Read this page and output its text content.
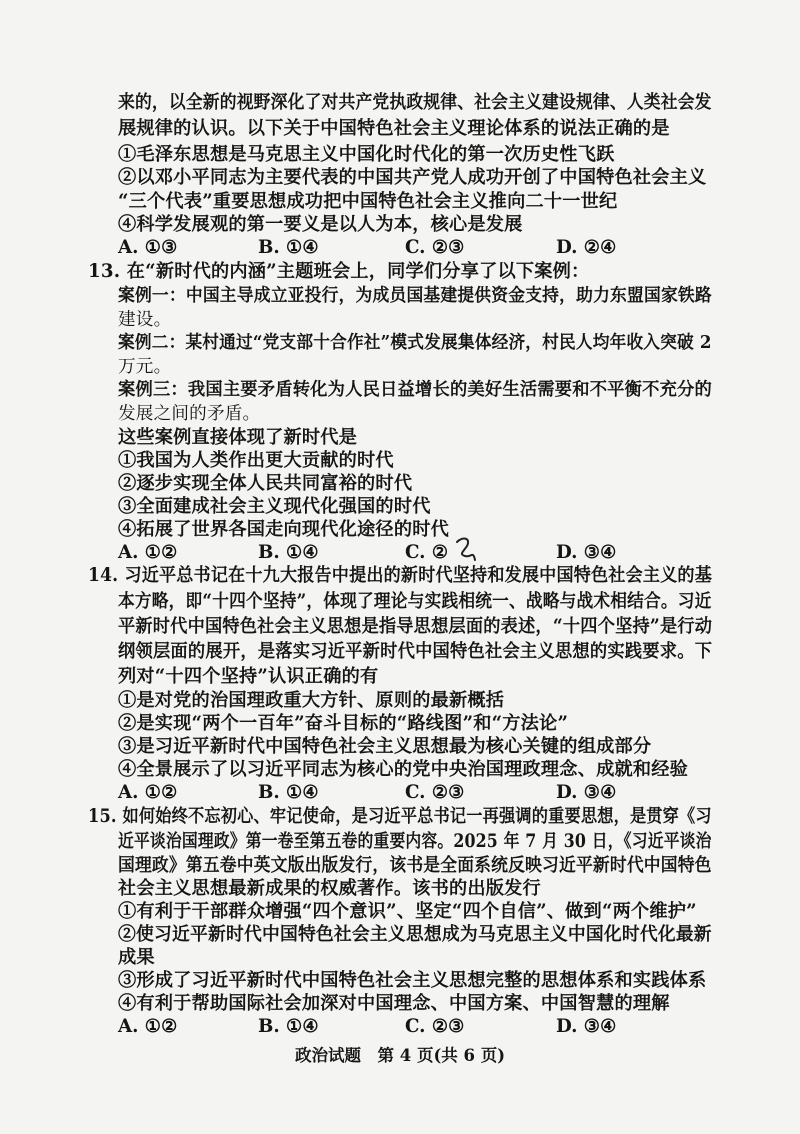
来的，以全新的视野深化了对共产党执政规律、社会主义建设规律、人类社会发
展规律的认识。以下关于中国特色社会主义理论体系的说法正确的是
①毛泽东思想是马克思主义中国化时代化的第一次历史性飞跃
②以邓小平同志为主要代表的中国共产党人成功开创了中国特色社会主义
“三个代表”重要思想成功把中国特色社会主义推向二十一世纪
④科学发展观的第一要义是以人为本，核心是发展
A. ①③	B. ①④	C. ②③	D. ②④
13. 在“新时代的内涵”主题班会上，同学们分享了以下案例：
案例一：中国主导成立亚投行，为成员国基建提供资金支持，助力东盟国家铁路
建设。
案例二：某村通过“党支部十合作社”模式发展集体经济，村民人均年收入突破 2
万元。
案例三：我国主要矛盾转化为人民日益增长的美好生活需要和不平衡不充分的
发展之间的矛盾。
这些案例直接体现了新时代是
①我国为人类作出更大贡献的时代
②逐步实现全体人民共同富裕的时代
③全面建成社会主义现代化强国的时代
④拓展了世界各国走向现代化途径的时代
A. ①②	B. ①④	C. ②	D. ③④
14. 习近平总书记在十九大报告中提出的新时代坚持和发展中国特色社会主义的基
本方略，即“十四个坚持”，体现了理论与实践相统一、战略与战术相结合。习近
平新时代中国特色社会主义思想是指导思想层面的表述，“十四个坚持”是行动
纲领层面的展开，是落实习近平新时代中国特色社会主义思想的实践要求。下
列对“十四个坚持”认识正确的有
①是对党的治国理政重大方针、原则的最新概括
②是实现“两个一百年”奋斗目标的“路线图”和“方法论”
③是习近平新时代中国特色社会主义思想最为核心关键的组成部分
④全景展示了以习近平同志为核心的党中央治国理政理念、成就和经验
A. ①②	B. ①④	C. ②③	D. ③④
15. 如何始终不忘初心、牢记使命，是习近平总书记一再强调的重要思想，是贯穿《习
近平谈治国理政》第一卷至第五卷的重要内容。2025 年 7 月 30 日，《习近平谈治
国理政》第五卷中英文版出版发行，该书是全面系统反映习近平新时代中国特色
社会主义思想最新成果的权威著作。该书的出版发行
①有利于干部群众增强“四个意识”、坚定“四个自信”、做到“两个维护”
②使习近平新时代中国特色社会主义思想成为马克思主义中国化时代化最新
成果
③形成了习近平新时代中国特色社会主义思想完整的思想体系和实践体系
④有利于帮助国际社会加深对中国理念、中国方案、中国智慧的理解
A. ①②	B. ①④	C. ②③	D. ③④
政治试题　第 4 页(共 6 页)
